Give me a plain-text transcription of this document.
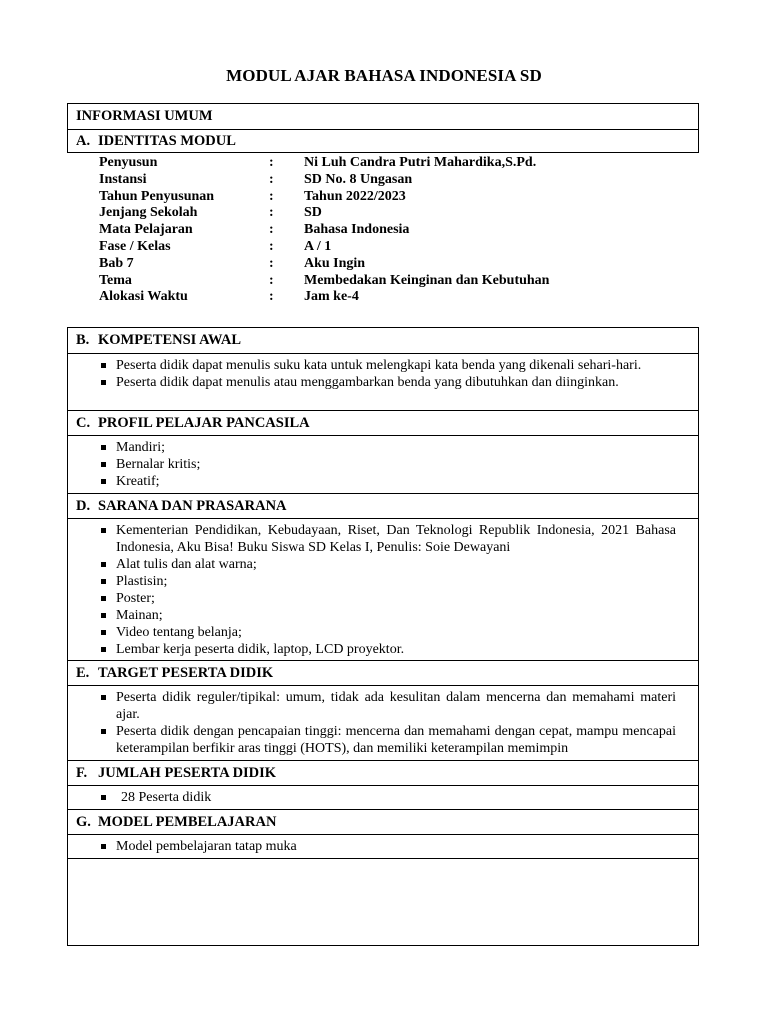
MODUL AJAR BAHASA INDONESIA SD
INFORMASI UMUM
A. IDENTITAS MODUL
Penyusun	:	Ni Luh Candra Putri Mahardika,S.Pd.
Instansi	:	SD No. 8 Ungasan
Tahun Penyusunan	:	Tahun 2022/2023
Jenjang Sekolah	:	SD
Mata Pelajaran	:	Bahasa Indonesia
Fase / Kelas	:	A / 1
Bab 7	:	Aku Ingin
Tema	:	Membedakan Keinginan dan Kebutuhan
Alokasi Waktu	:	Jam ke-4
B. KOMPETENSI AWAL
Peserta didik dapat menulis suku kata untuk melengkapi kata benda yang dikenali sehari-hari.
Peserta didik dapat menulis atau menggambarkan benda yang dibutuhkan dan diinginkan.
C. PROFIL PELAJAR PANCASILA
Mandiri;
Bernalar kritis;
Kreatif;
D. SARANA DAN PRASARANA
Kementerian Pendidikan, Kebudayaan, Riset, Dan Teknologi Republik Indonesia, 2021 Bahasa Indonesia, Aku Bisa! Buku Siswa SD Kelas I, Penulis: Soie Dewayani
Alat tulis dan alat warna;
Plastisin;
Poster;
Mainan;
Video tentang belanja;
Lembar kerja peserta didik, laptop, LCD proyektor.
E. TARGET PESERTA DIDIK
Peserta didik reguler/tipikal: umum, tidak ada kesulitan dalam mencerna dan memahami materi ajar.
Peserta didik dengan pencapaian tinggi: mencerna dan memahami dengan cepat, mampu mencapai keterampilan berfikir aras tinggi (HOTS), dan memiliki keterampilan memimpin
F. JUMLAH PESERTA DIDIK
28 Peserta didik
G. MODEL PEMBELAJARAN
Model pembelajaran tatap muka
